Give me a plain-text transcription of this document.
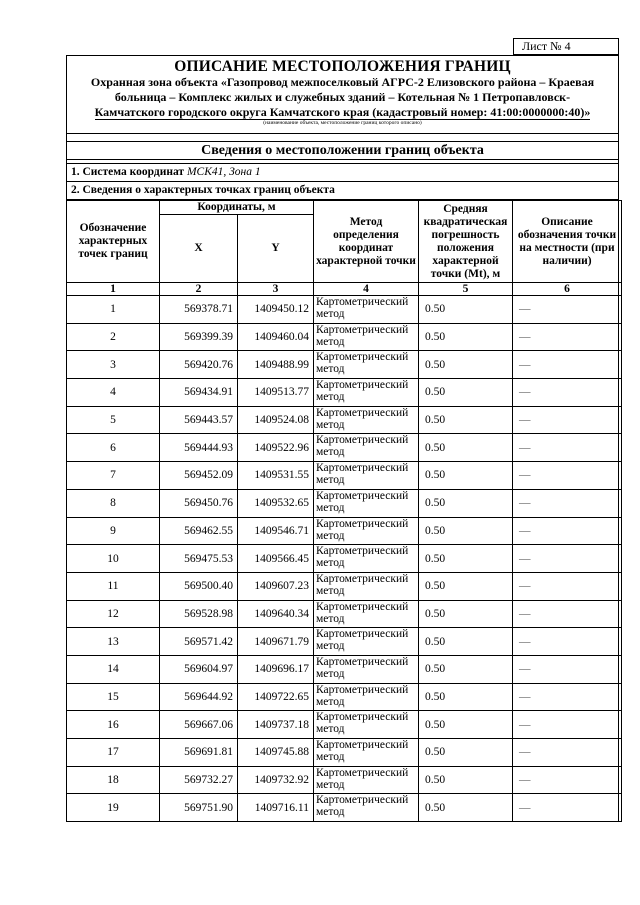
Лист № 4
ОПИСАНИЕ МЕСТОПОЛОЖЕНИЯ ГРАНИЦ
Охранная зона объекта «Газопровод межпоселковый АГРС-2 Елизовского района – Краевая
больница – Комплекс жилых и служебных зданий – Котельная № 1 Петропавловск-
Камчатского городского округа Камчатского края (кадастровый номер: 41:00:0000000:40)»
(наименование объекта, местоположение границ которого описано)
Сведения о местоположении границ объекта
1. Система координат МСК41, Зона 1
2. Сведения о характерных точках границ объекта
Обозначение характерных точек границ	Координаты, м		Метод определения координат характерной точки	Средняя квадратическая погрешность положения характерной точки (Mt), м	Описание обозначения точки на местности (при наличии)
	X	Y			
1	2	3	4	5	6
1	569378.71	1409450.12	Картометрический метод	0.50	—
2	569399.39	1409460.04	Картометрический метод	0.50	—
3	569420.76	1409488.99	Картометрический метод	0.50	—
4	569434.91	1409513.77	Картометрический метод	0.50	—
5	569443.57	1409524.08	Картометрический метод	0.50	—
6	569444.93	1409522.96	Картометрический метод	0.50	—
7	569452.09	1409531.55	Картометрический метод	0.50	—
8	569450.76	1409532.65	Картометрический метод	0.50	—
9	569462.55	1409546.71	Картометрический метод	0.50	—
10	569475.53	1409566.45	Картометрический метод	0.50	—
11	569500.40	1409607.23	Картометрический метод	0.50	—
12	569528.98	1409640.34	Картометрический метод	0.50	—
13	569571.42	1409671.79	Картометрический метод	0.50	—
14	569604.97	1409696.17	Картометрический метод	0.50	—
15	569644.92	1409722.65	Картометрический метод	0.50	—
16	569667.06	1409737.18	Картометрический метод	0.50	—
17	569691.81	1409745.88	Картометрический метод	0.50	—
18	569732.27	1409732.92	Картометрический метод	0.50	—
19	569751.90	1409716.11	Картометрический метод	0.50	—
